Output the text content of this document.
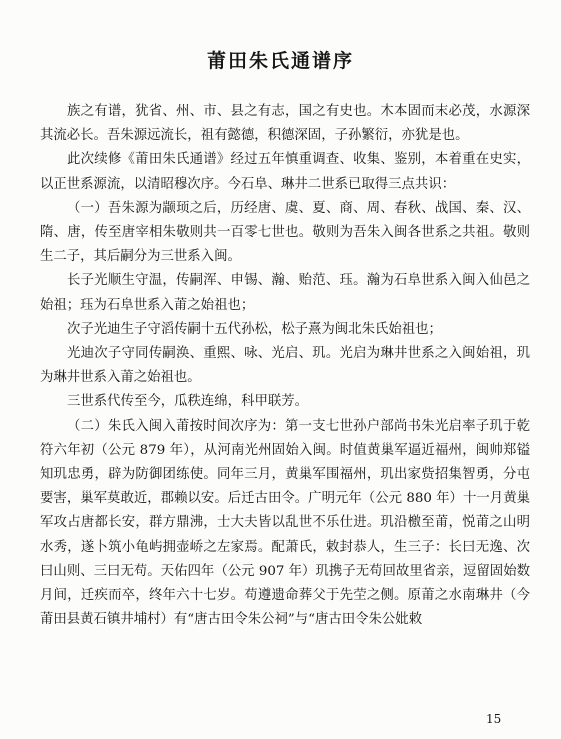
莆田朱氏通谱序

族之有谱，犹省、州、市、县之有志，国之有史也。木本固而末必茂，水源深其流必长。吾朱源远流长，祖有懿德，积德深固，子孙繁衍，亦犹是也。

此次续修《莆田朱氏通谱》经过五年慎重调查、收集、鉴别，本着重在史实，以正世系源流，以清昭穆次序。今石阜、琳井二世系已取得三点共识：

（一）吾朱源为颛顼之后，历经唐、虞、夏、商、周、春秋、战国、秦、汉、隋、唐，传至唐宰相朱敬则共一百零七世也。敬则为吾朱入闽各世系之共祖。敬则生二子，其后嗣分为三世系入闽。

长子光顺生守温，传嗣浑、申锡、瀚、贻范、珏。瀚为石阜世系入闽入仙邑之始祖；珏为石阜世系入莆之始祖也；

次子光迪生子守滔传嗣十五代孙松，松子熹为闽北朱氏始祖也；

光迪次子守同传嗣涣、重熙、咏、光启、玑。光启为琳井世系之入闽始祖，玑为琳井世系入莆之始祖也。

三世系代传至今，瓜秩连绵，科甲联芳。

（二）朱氏入闽入莆按时间次序为：第一支七世孙户部尚书朱光启率子玑于乾符六年初（公元 879 年），从河南光州固始入闽。时值黄巢军逼近福州，闽帅郑镒知玑忠勇，辟为防御团练使。同年三月，黄巢军围福州，玑出家赀招集智勇，分屯要害，巢军莫敢近，郡赖以安。后迁古田令。广明元年（公元 880 年）十一月黄巢军攻占唐都长安，群方鼎沸，士大夫皆以乱世不乐仕进。玑沿檄至莆，悦莆之山明水秀，遂卜筑小龟屿拥壶峤之左家焉。配萧氏，敕封恭人，生三子：长曰无逸、次曰山则、三曰无苟。天佑四年（公元 907 年）玑携子无苟回故里省亲，逗留固始数月间，迁疾而卒，终年六十七岁。苟遵遗命葬父于先茔之侧。原莆之水南琳井（今莆田县黄石镇井埔村）有“唐古田令朱公祠”与“唐古田令朱公妣敕

15
